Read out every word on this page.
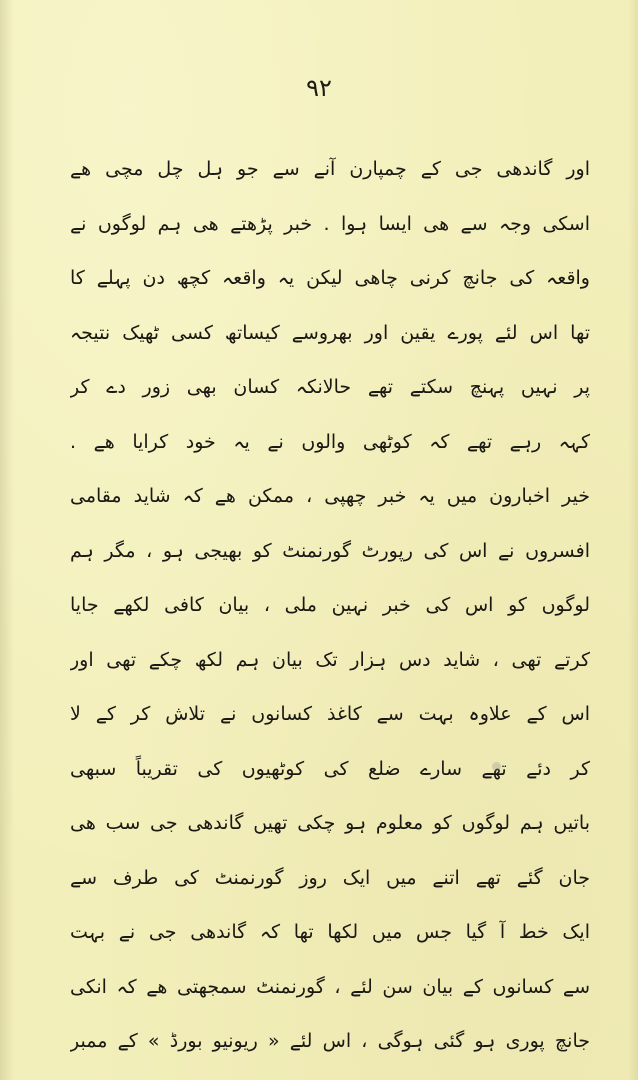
٩٢
اور گاندھی جی کے چمپارن آنے سے جو ہل چل مچی ھے
اسکی وجہ سے ھی ایسا ہوا . خبر پڑھتے ھی ہم لوگوں نے
واقعہ کی جانچ کرنی چاھی لیکن یہ واقعہ کچھ دن پہلے کا
تھا اس لئے پورے یقین اور بھروسے کیساتھ کسی ٹھیک نتیجہ
پر نہیں پہنچ سکتے تھے حالانکہ کسان بھی زور دے کر
کہہ رہے تھے کہ کوٹھی والوں نے یہ خود کرایا ھے .
خیر اخبارون میں یہ خبر چھپی ، ممکن ھے کہ شاید مقامی
افسروں نے اس کی رپورٹ گورنمنٹ کو بھیجی ہو ، مگر ہم
لوگوں کو اس کی خبر نہین ملی ، بیان کافی لکھے جایا
کرتے تھی ، شاید دس ہزار تک بیان ہم لکھ چکے تھی اور
اس کے علاوہ بہت سے کاغذ کسانوں نے تلاش کر کے لا
کر دئے تھے سارے ضلع کی کوٹھیوں کی تقریباً سبھی
باتیں ہم لوگوں کو معلوم ہو چکی تھیں گاندھی جی سب ھی
جان گئے تھے اتنے میں ایک روز گورنمنٹ کی طرف سے
ایک خط آ گیا جس میں لکھا تھا کہ گاندھی جی نے بہت
سے کسانوں کے بیان سن لئے ، گورنمنٹ سمجھتی ھے کہ انکی
جانچ پوری ہو گئی ہوگی ، اس لئے « ریونیو بورڈ » کے ممبر
